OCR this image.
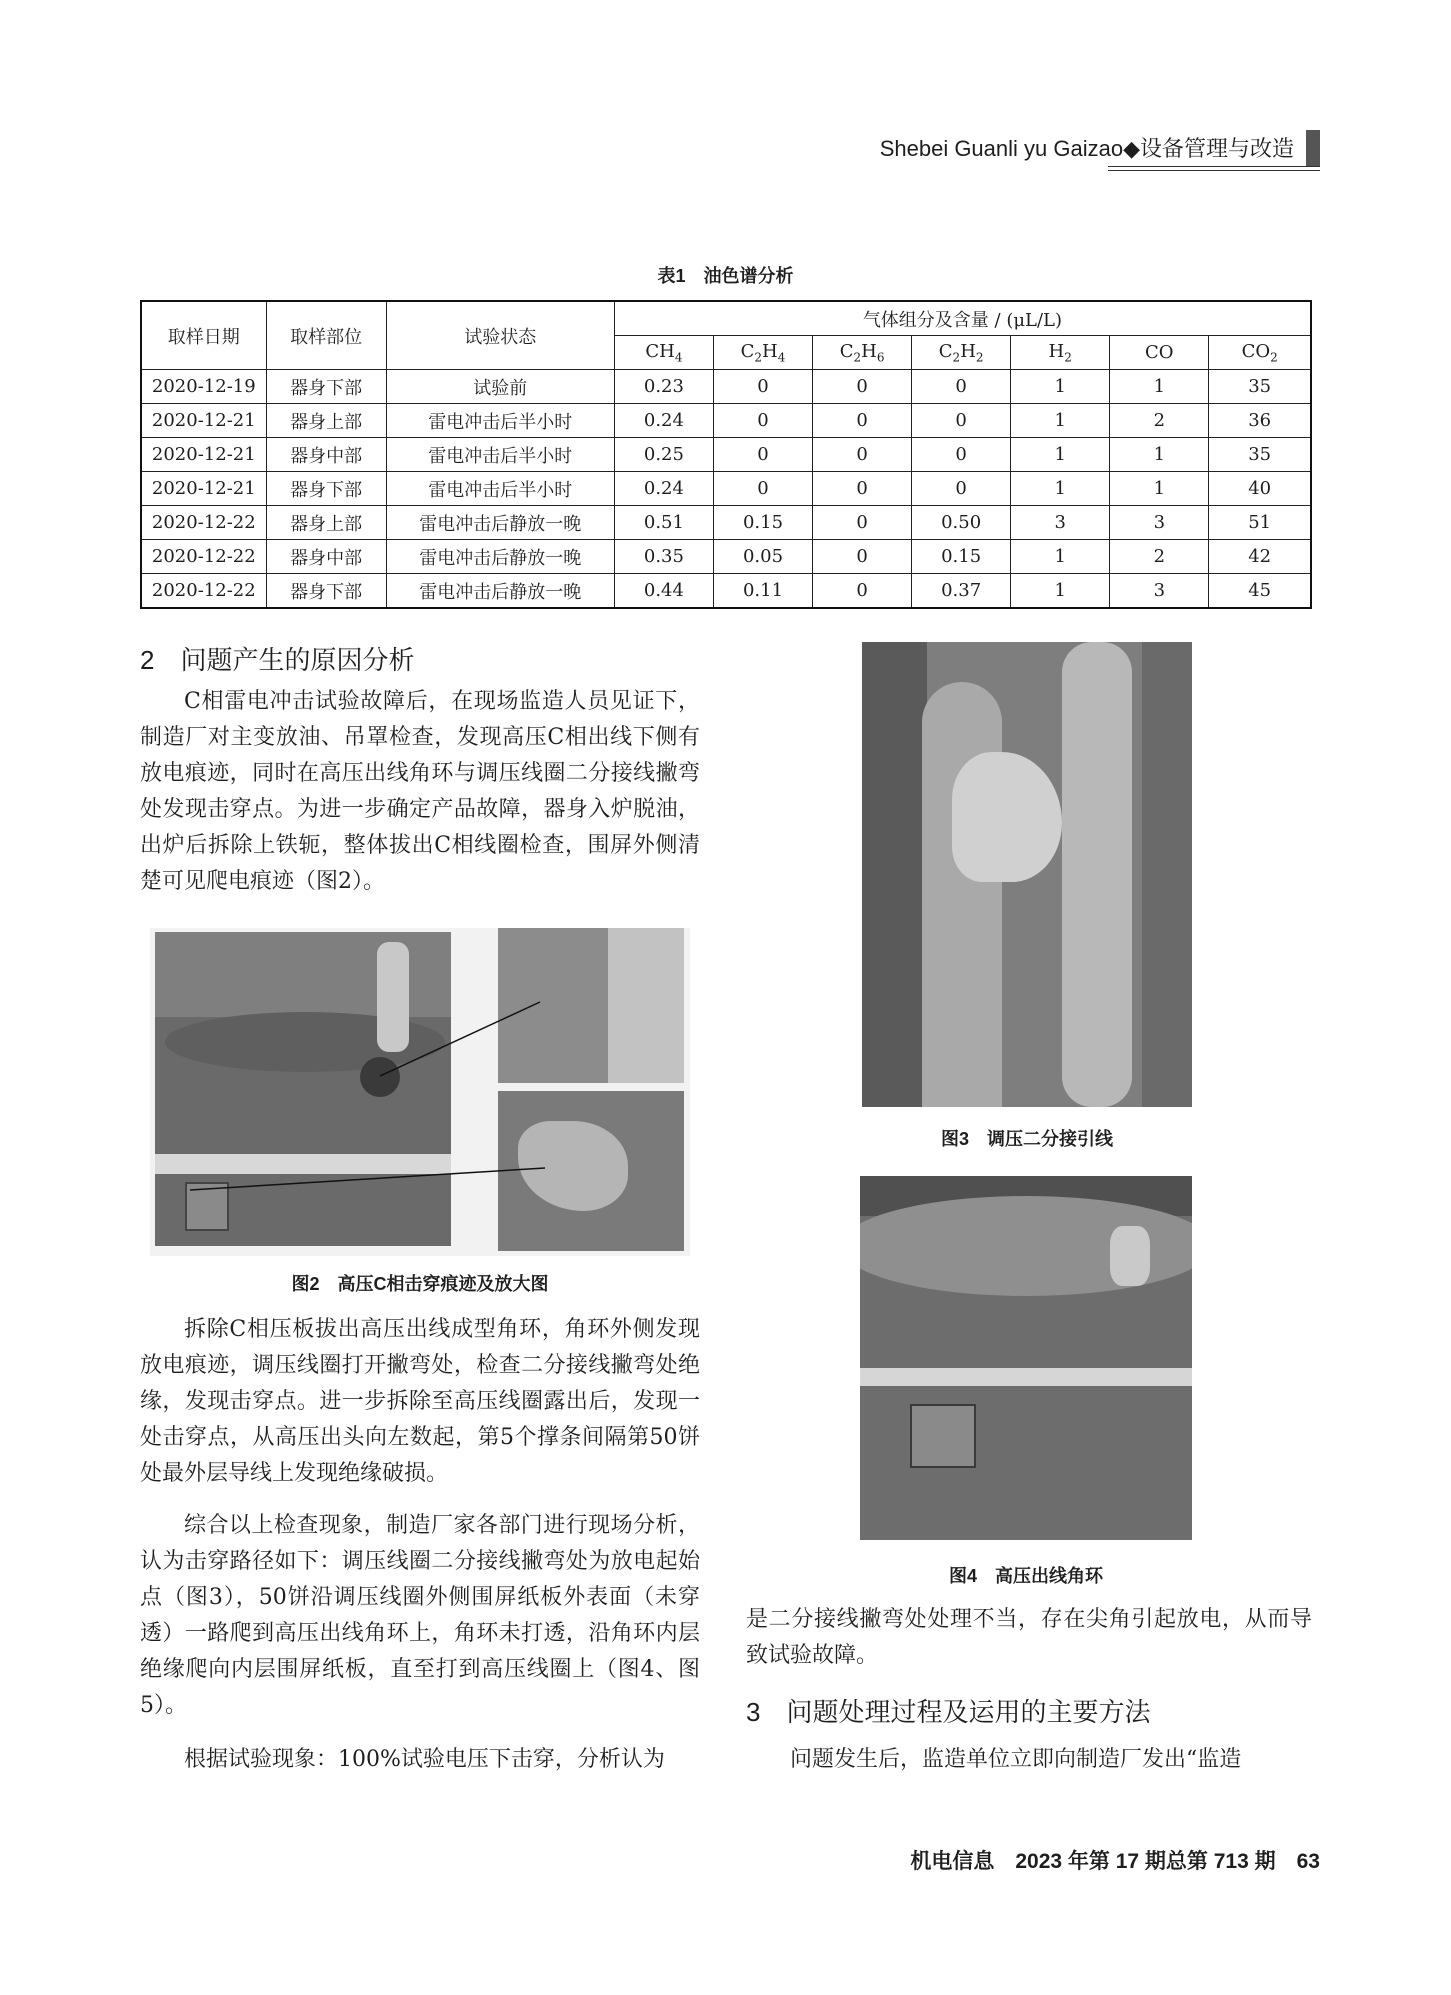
Shebei Guanli yu Gaizao◆设备管理与改造
表1　油色谱分析
取样日期	取样部位	试验状态	气体组分及含量 / (μL/L)						
			$CH_4$	$C_2H_4$	$C_2H_6$	$C_2H_2$	$H_2$	CO	$CO_2$
2020-12-19	器身下部	试验前	0.23	0	0	0	1	1	35
2020-12-21	器身上部	雷电冲击后半小时	0.24	0	0	0	1	2	36
2020-12-21	器身中部	雷电冲击后半小时	0.25	0	0	0	1	1	35
2020-12-21	器身下部	雷电冲击后半小时	0.24	0	0	0	1	1	40
2020-12-22	器身上部	雷电冲击后静放一晚	0.51	0.15	0	0.50	3	3	51
2020-12-22	器身中部	雷电冲击后静放一晚	0.35	0.05	0	0.15	1	2	42
2020-12-22	器身下部	雷电冲击后静放一晚	0.44	0.11	0	0.37	1	3	45
2　问题产生的原因分析
C相雷电冲击试验故障后，在现场监造人员见证下，制造厂对主变放油、吊罩检查，发现高压C相出线下侧有放电痕迹，同时在高压出线角环与调压线圈二分接线撇弯处发现击穿点。为进一步确定产品故障，器身入炉脱油，出炉后拆除上铁轭，整体拔出C相线圈检查，围屏外侧清楚可见爬电痕迹（图2）。
图2　高压C相击穿痕迹及放大图
拆除C相压板拔出高压出线成型角环，角环外侧发现放电痕迹，调压线圈打开撇弯处，检查二分接线撇弯处绝缘，发现击穿点。进一步拆除至高压线圈露出后，发现一处击穿点，从高压出头向左数起，第5个撑条间隔第50饼处最外层导线上发现绝缘破损。
综合以上检查现象，制造厂家各部门进行现场分析，认为击穿路径如下：调压线圈二分接线撇弯处为放电起始点（图3），50饼沿调压线圈外侧围屏纸板外表面（未穿透）一路爬到高压出线角环上，角环未打透，沿角环内层绝缘爬向内层围屏纸板，直至打到高压线圈上（图4、图5）。
根据试验现象：100%试验电压下击穿，分析认为
图3　调压二分接引线
图4　高压出线角环
是二分接线撇弯处处理不当，存在尖角引起放电，从而导致试验故障。
3　问题处理过程及运用的主要方法
问题发生后，监造单位立即向制造厂发出“监造
机电信息　2023 年第 17 期总第 713 期　63
